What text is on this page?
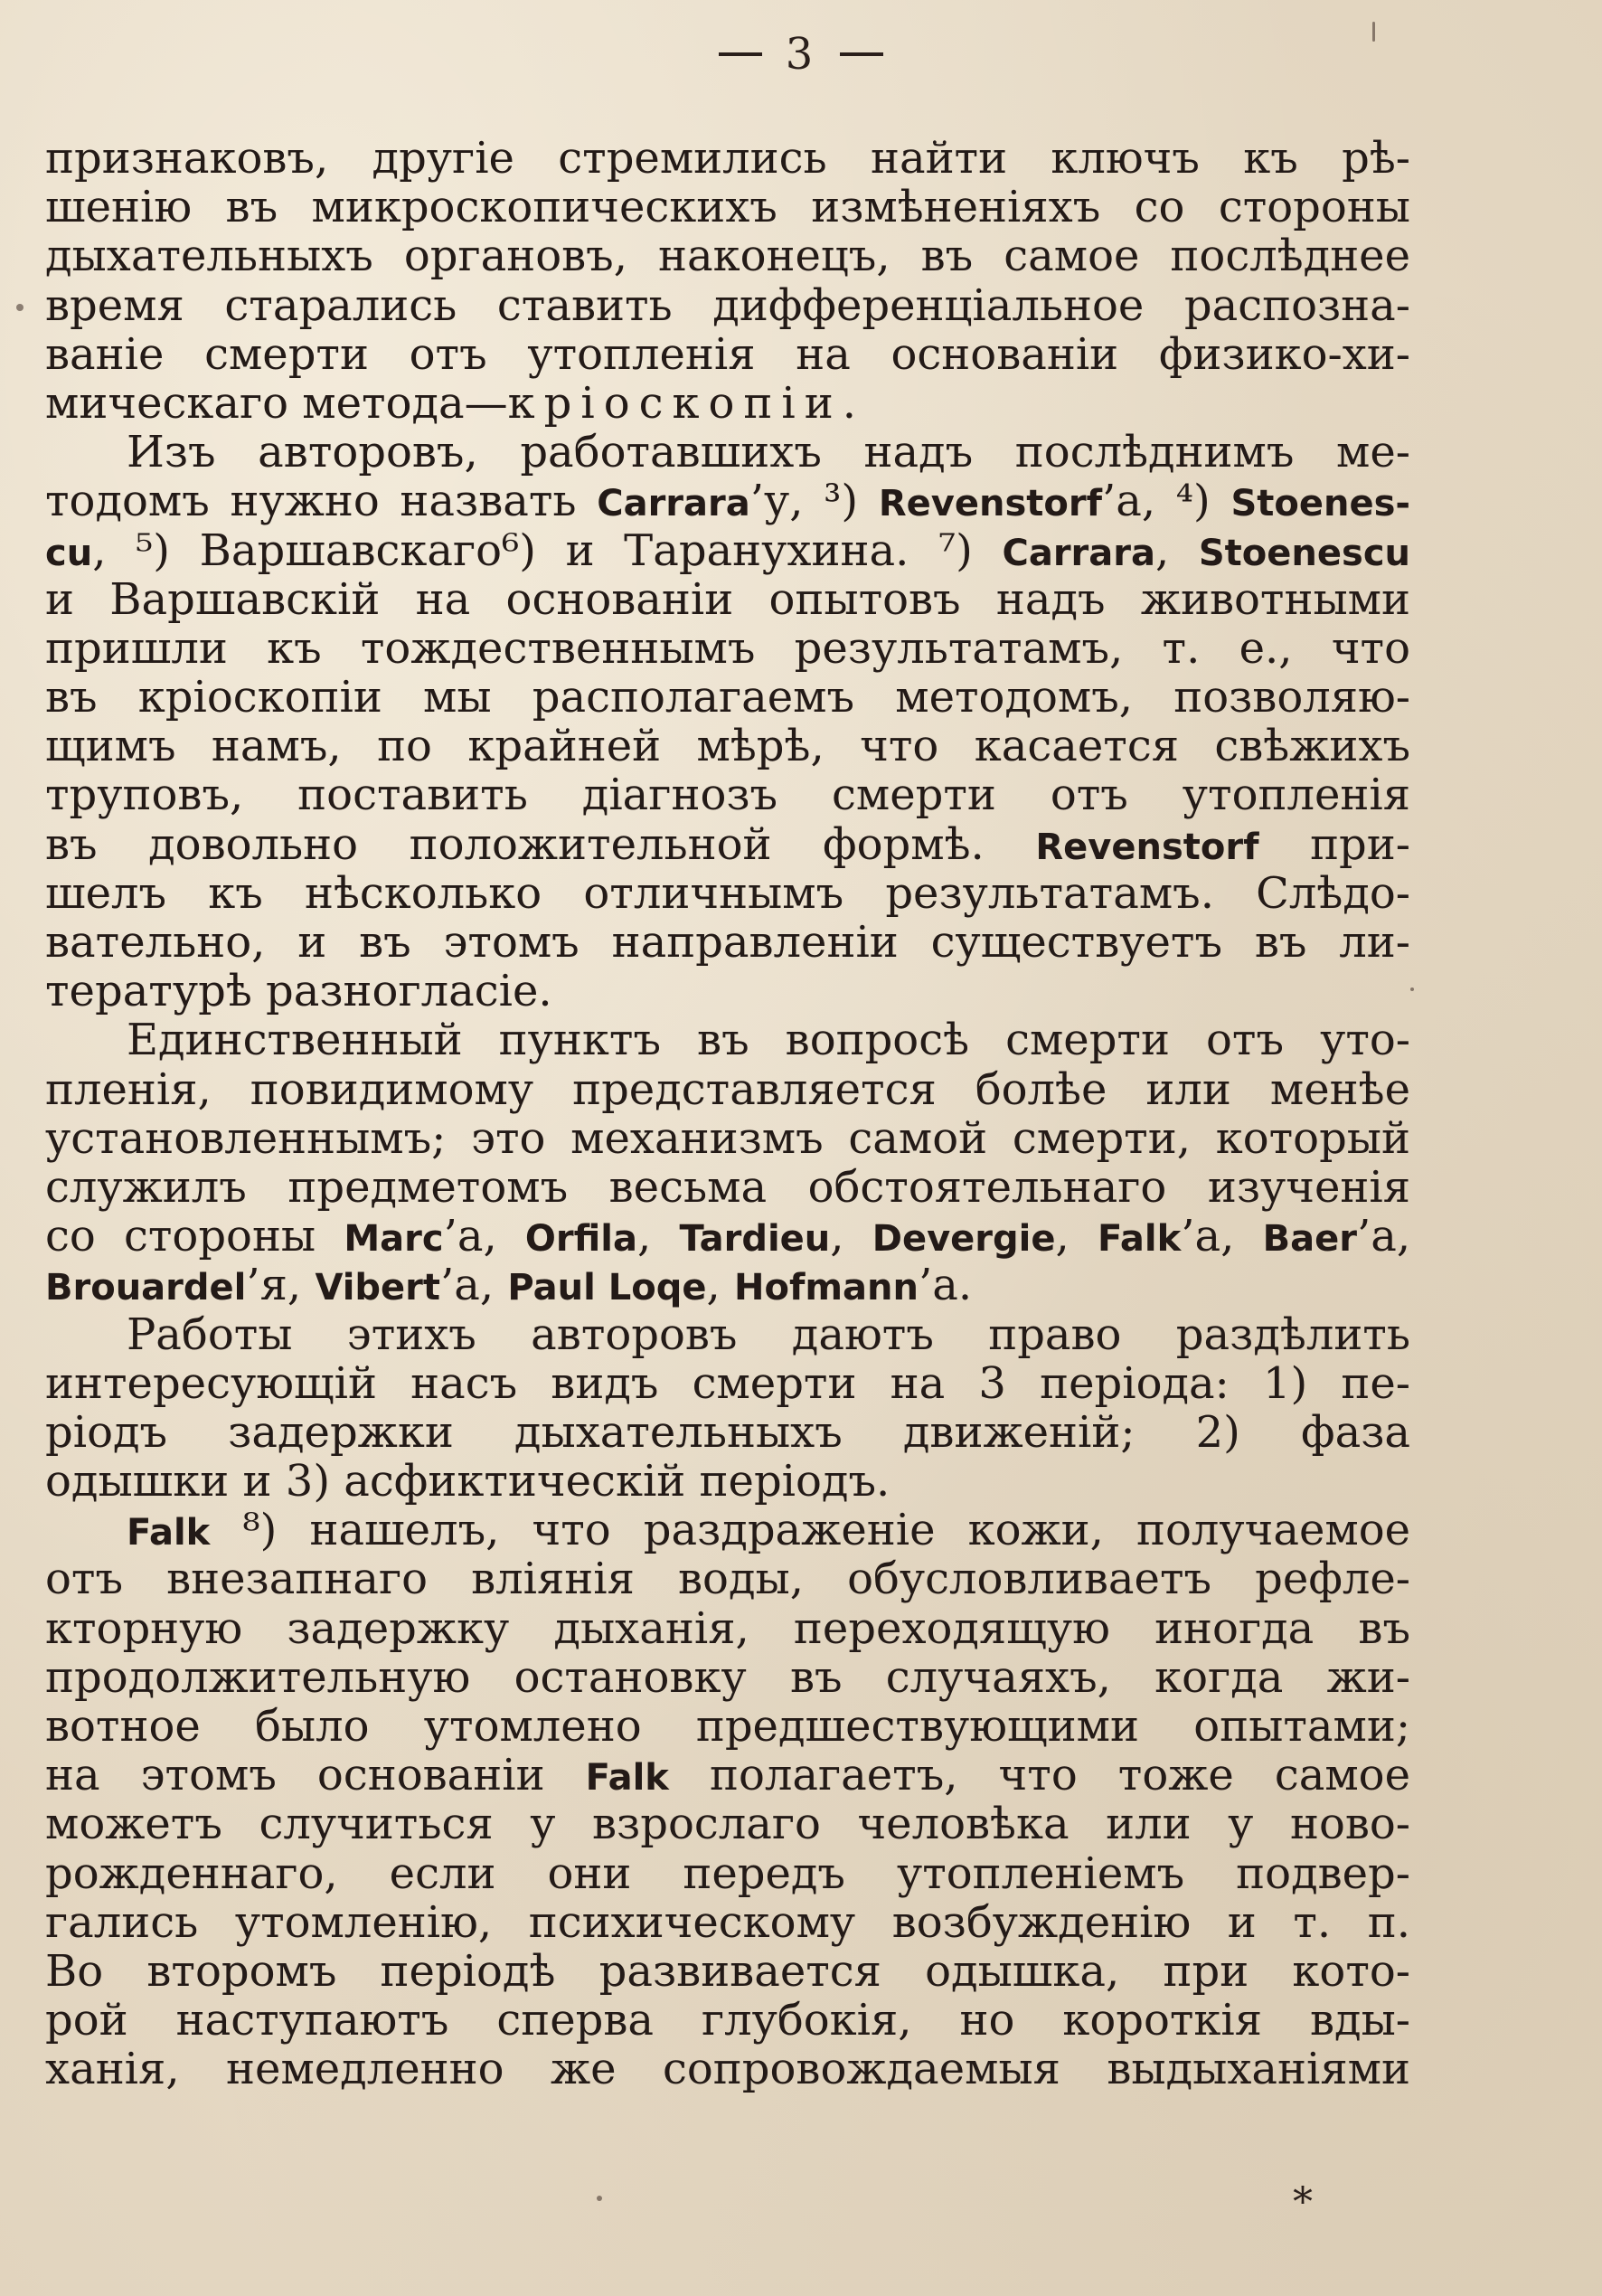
3
признаковъ, другіе стремились найти ключъ къ рѣ-
шенію въ микроскопическихъ измѣненіяхъ со стороны
дыхательныхъ органовъ, наконецъ, въ самое послѣднее
время старались ставить дифференціальное распозна-
ваніе смерти отъ утопленія на основаніи физико-хи-
мическаго метода—кріоскопіи.
Изъ авторовъ, работавшихъ надъ послѣднимъ ме-
тодомъ нужно назвать Carrara’у, ³) Revenstorf’а, ⁴) Stoenes-
cu, ⁵) Варшавскаго⁶) и Таранухина. ⁷) Carrara, Stoenescu
и Варшавскій на основаніи опытовъ надъ животными
пришли къ тождественнымъ результатамъ, т. е., что
въ кріоскопіи мы располагаемъ методомъ, позволяю-
щимъ намъ, по крайней мѣрѣ, что касается свѣжихъ
труповъ, поставить діагнозъ смерти отъ утопленія
въ довольно положительной формѣ. Revenstorf при-
шелъ къ нѣсколько отличнымъ результатамъ. Слѣдо-
вательно, и въ этомъ направленіи существуетъ въ ли-
тературѣ разногласіе.
Единственный пунктъ въ вопросѣ смерти отъ уто-
пленія, повидимому представляется болѣе или менѣе
установленнымъ; это механизмъ самой смерти, который
служилъ предметомъ весьма обстоятельнаго изученія
со стороны Marc’а, Orfila, Tardieu, Devergie, Falk’а, Baer’а,
Brouardel’я, Vibert’а, Paul Loqe, Hofmann’а.
Работы этихъ авторовъ даютъ право раздѣлить
интересующій насъ видъ смерти на 3 періода: 1) пе-
ріодъ задержки дыхательныхъ движеній; 2) фаза
одышки и 3) асфиктическій періодъ.
Falk ⁸) нашелъ, что раздраженіе кожи, получаемое
отъ внезапнаго вліянія воды, обусловливаетъ рефле-
кторную задержку дыханія, переходящую иногда въ
продолжительную остановку въ случаяхъ, когда жи-
вотное было утомлено предшествующими опытами;
на этомъ основаніи Falk полагаетъ, что тоже самое
можетъ случиться у взрослаго человѣка или у ново-
рожденнаго, если они передъ утопленіемъ подвер-
гались утомленію, психическому возбужденію и т. п.
Во второмъ періодѣ развивается одышка, при кото-
рой наступаютъ сперва глубокія, но короткія вды-
ханія, немедленно же сопровождаемыя выдыханіями
*
